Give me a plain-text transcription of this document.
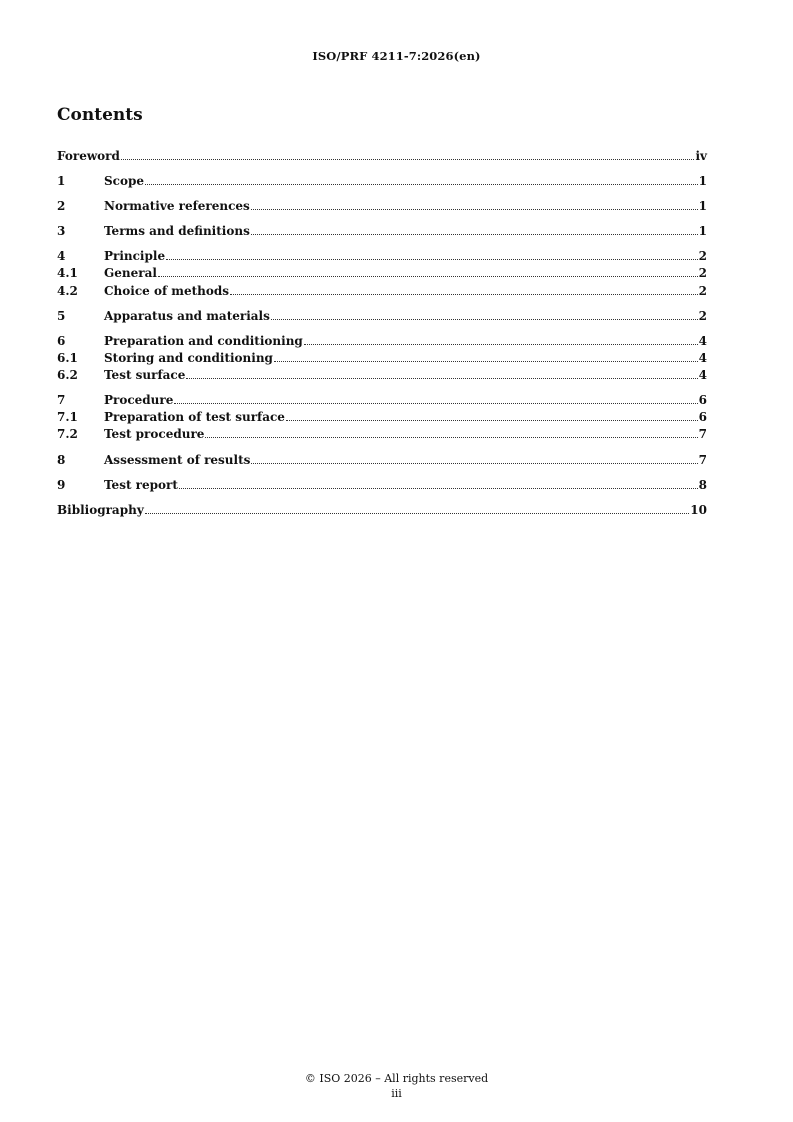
ISO/PRF 4211-7:2026(en)
Contents
Foreword	iv
1	Scope	1
2	Normative references	1
3	Terms and definitions	1
4	Principle	2
4.1	General	2
4.2	Choice of methods	2
5	Apparatus and materials	2
6	Preparation and conditioning	4
6.1	Storing and conditioning	4
6.2	Test surface	4
7	Procedure	6
7.1	Preparation of test surface	6
7.2	Test procedure	7
8	Assessment of results	7
9	Test report	8
Bibliography	10
© ISO 2026 – All rights reserved
iii
